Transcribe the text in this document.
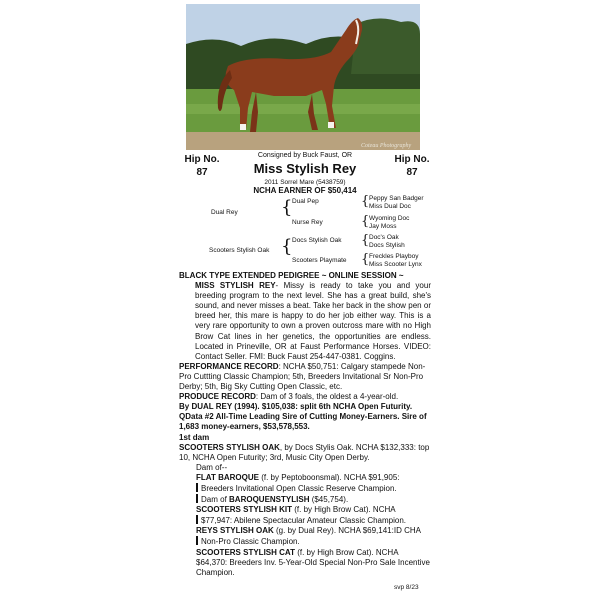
Coteau Photography
Hip No.
87
Hip No.
87
Consigned by Buck Faust, OR
Miss Stylish Rey
2011 Sorrel Mare (5438759)
NCHA EARNER OF $50,414
Dual Rey { Dual Pep
Nurse Rey
{ Peppy San Badger
Miss Dual Doc
{ Wyoming Doc
Jay Moss
Scooters Stylish Oak { Docs Stylish Oak
Scooters Playmate
{ Doc's Oak
Docs Stylish
{ Freckles Playboy
Miss Scooter Lynx

BLACK TYPE EXTENDED PEDIGREE ~ ONLINE SESSION ~

MISS STYLISH REY- Missy is ready to take you and your breeding program to the next level. She has a great build, she's sound, and never misses a beat. Take her back in the show pen or breed her, this mare is happy to do her job either way. This is a very rare opportunity to own a proven outcross mare with no High Brow Cat lines in her genetics, the opportunities are endless. Located in Prineville, OR at Faust Performance Horses. VIDEO: Contact Seller. FMI: Buck Faust 254-447-0381. Coggins.

PERFORMANCE RECORD: NCHA $50,751: Calgary stampede Non-Pro Cuttting Classic Champion; 5th, Breeders Invitational Sr Non-Pro Derby; 5th, Big Sky Cutting Open Classic, etc.

PRODUCE RECORD: Dam of 3 foals, the oldest a 4-year-old.

By DUAL REY (1994). $105,038: split 6th NCHA Open Futurity. QData #2 All-Time Leading Sire of Cutting Money-Earners. Sire of 1,683 money-earners, $53,578,553.

1st dam

SCOOTERS STYLISH OAK, by Docs Stylis Oak. NCHA $132,333: top 10, NCHA Open Futurity; 3rd, Music City Open Derby.

Dam of--

FLAT BAROQUE (f. by Peptoboonsmal). NCHA $91,905:

Breeders Invitational Open Classic Reserve Champion.

Dam of BAROQUENSTYLISH ($45,754).

SCOOTERS STYLISH KIT (f. by High Brow Cat). NCHA

$77,947: Abilene Spectacular Amateur Classic Champion.

REYS STYLISH OAK (g. by Dual Rey). NCHA $69,141:ID CHA

Non-Pro Classic Champion.

SCOOTERS STYLISH CAT (f. by High Brow Cat). NCHA $64,370: Breeders Inv. 5-Year-Old Special Non-Pro Sale Incentive Champion.

svp 8/23
